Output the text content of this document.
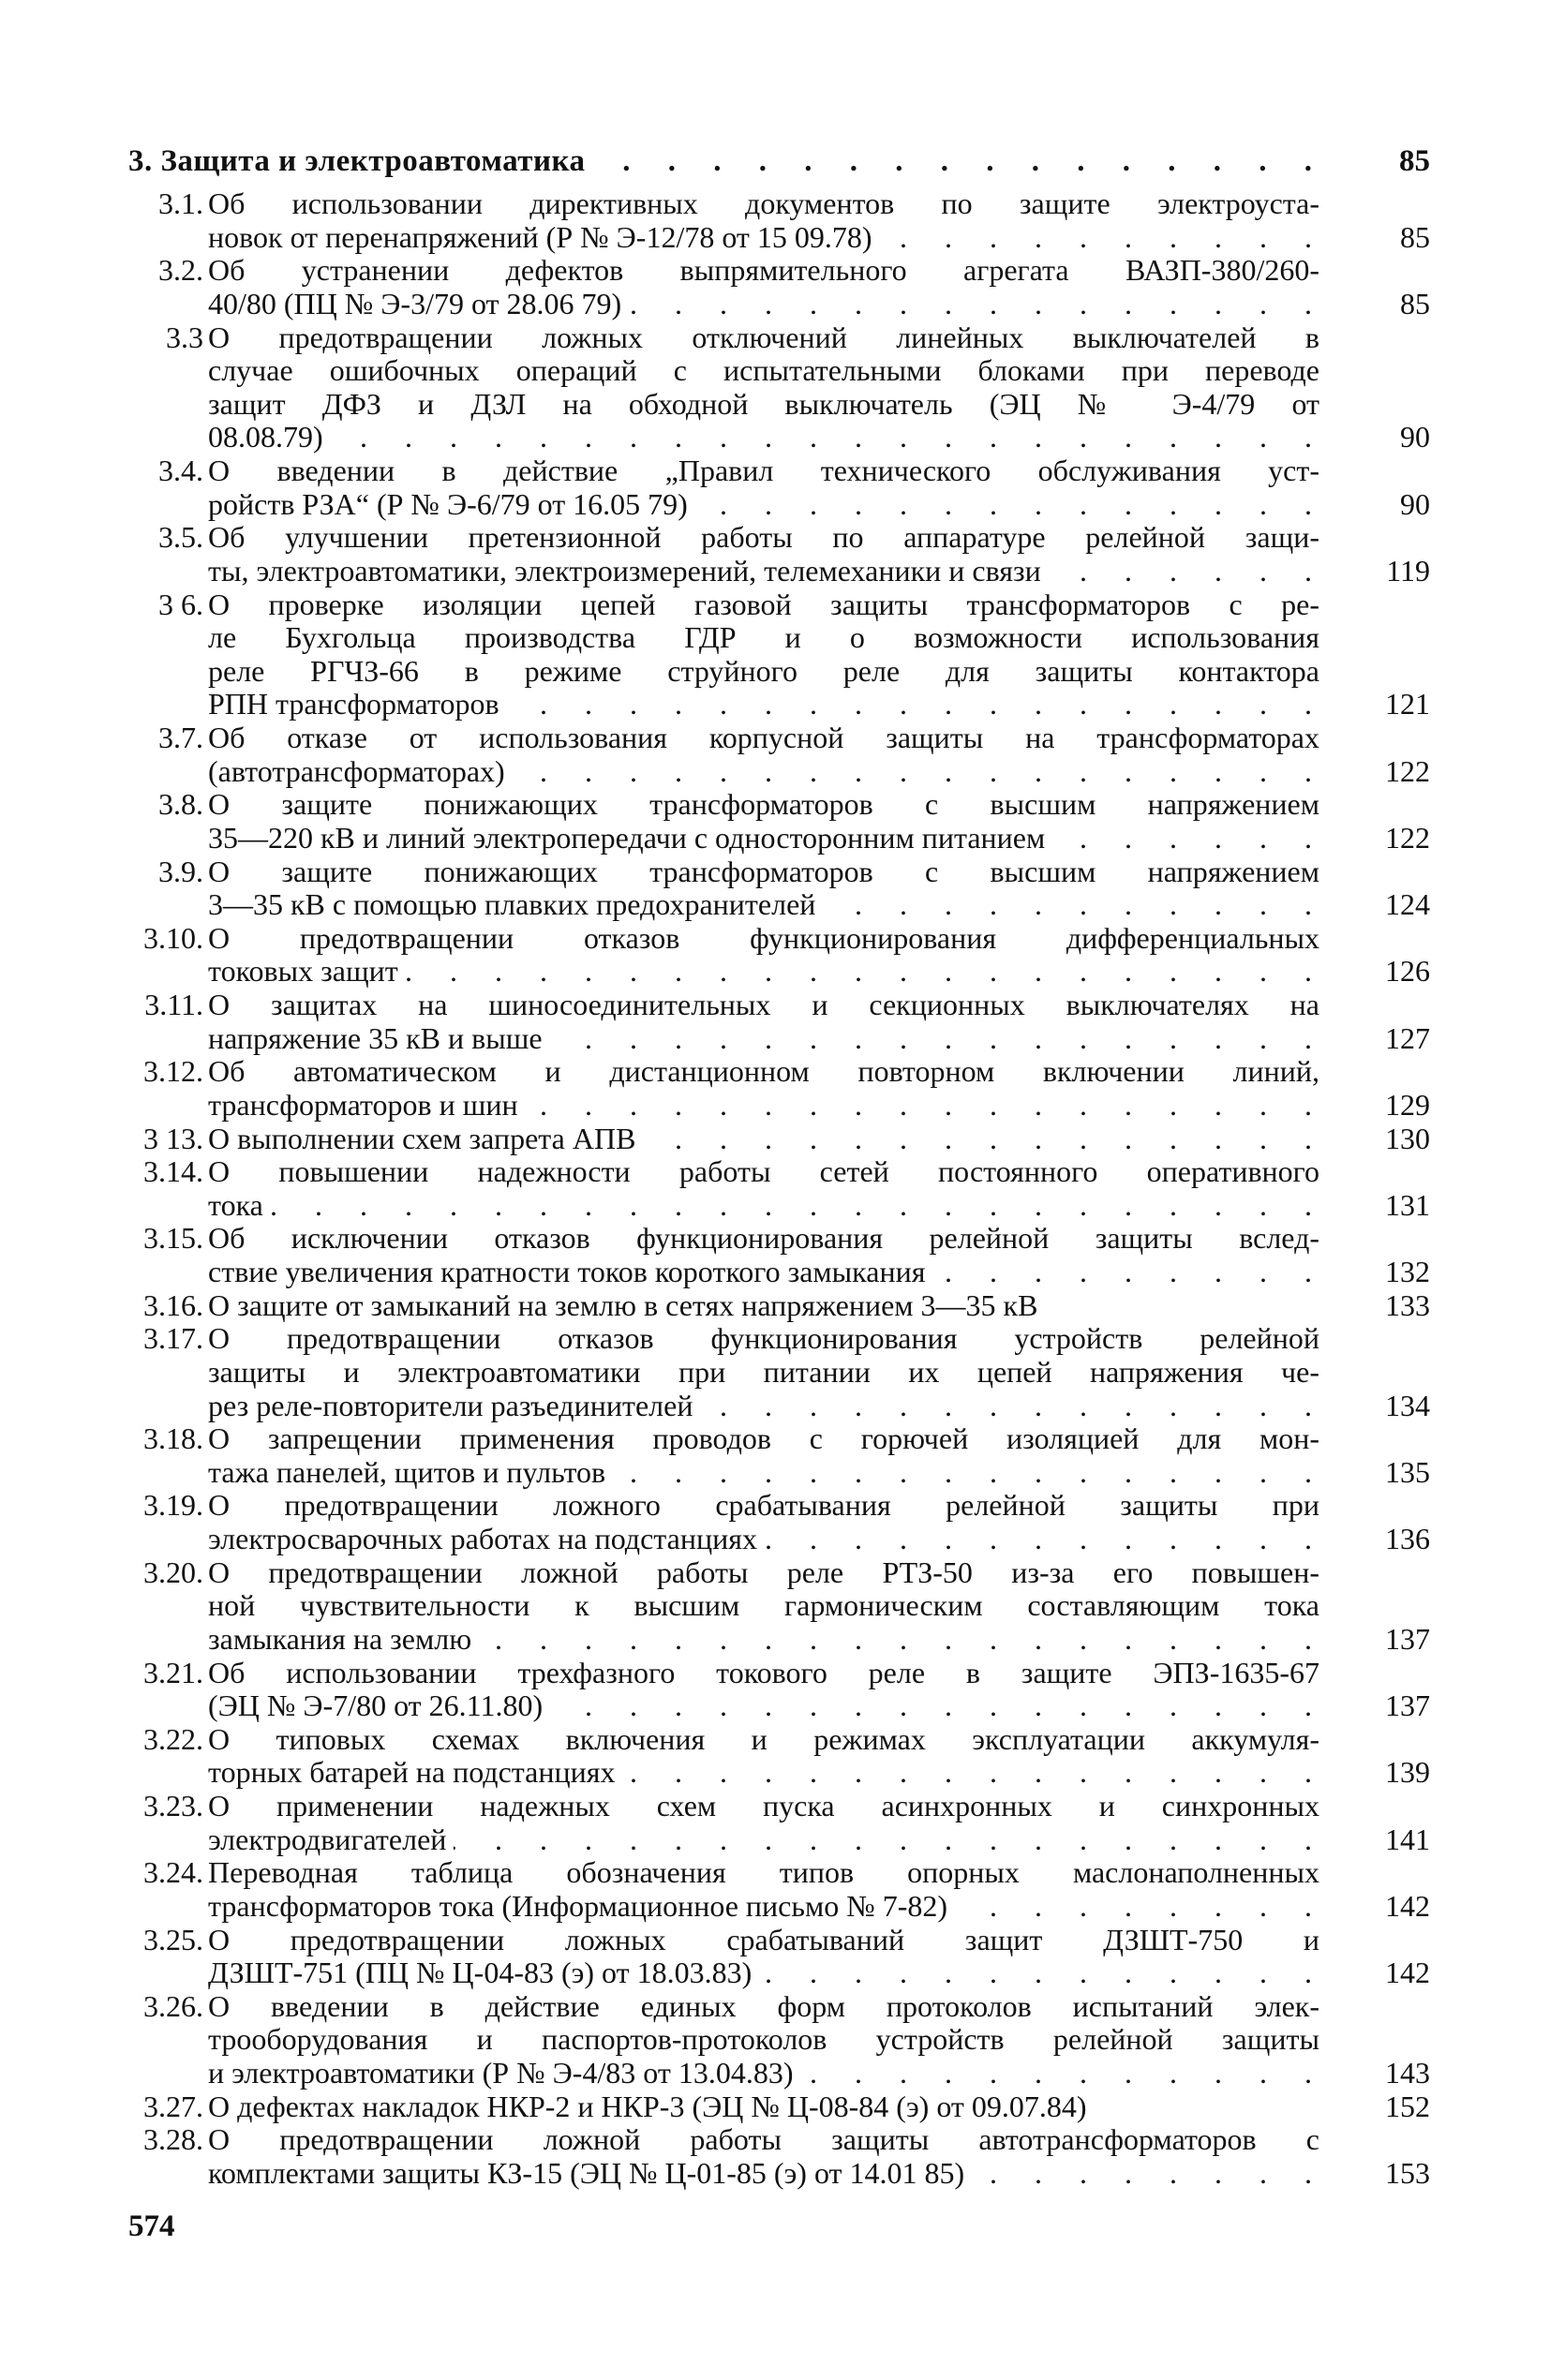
3. Защита и электроавтоматика . . .	85
3.1. Об использовании директивных документов по защите электроуста-
новок от перенапряжений (Р № Э-12/78 от 15 09.78) . . .	85
3.2. Об устранении дефектов выпрямительного агрегата ВАЗП-380/260-
40/80 (ПЦ № Э-3/79 от 28.06 79) . . .	85
3.3 О предотвращении ложных отключений линейных выключателей в
случае ошибочных операций с испытательными блоками при переводе
защит ДФЗ и ДЗЛ на обходной выключатель (ЭЦ № Э-4/79 от
08.08.79) . . .	90
3.4. О введении в действие „Правил технического обслуживания уст-
ройств РЗА“ (Р № Э-6/79 от 16.05 79) . . .	90
3.5. Об улучшении претензионной работы по аппаратуре релейной защи-
ты, электроавтоматики, электроизмерений, телемеханики и связи . . .	119
3 6. О проверке изоляции цепей газовой защиты трансформаторов с ре-
ле Бухгольца производства ГДР и о возможности использования
реле РГЧЗ-66 в режиме струйного реле для защиты контактора
РПН трансформаторов . . .	121
3.7. Об отказе от использования корпусной защиты на трансформаторах
(автотрансформаторах) . . .	122
3.8. О защите понижающих трансформаторов с высшим напряжением
35—220 кВ и линий электропередачи с односторонним питанием . . .	122
3.9. О защите понижающих трансформаторов с высшим напряжением
3—35 кВ с помощью плавких предохранителей . . .	124
3.10. О предотвращении отказов функционирования дифференциальных
токовых защит . . .	126
3.11. О защитах на шиносоединительных и секционных выключателях на
напряжение 35 кВ и выше . . .	127
3.12. Об автоматическом и дистанционном повторном включении линий,
трансформаторов и шин . . .	129
3 13. О выполнении схем запрета АПВ . . .	130
3.14. О повышении надежности работы сетей постоянного оперативного
тока . . .	131
3.15. Об исключении отказов функционирования релейной защиты вслед-
ствие увеличения кратности токов короткого замыкания . . .	132
3.16. О защите от замыканий на землю в сетях напряжением 3—35 кВ	133
3.17. О предотвращении отказов функционирования устройств релейной
защиты и электроавтоматики при питании их цепей напряжения че-
рез реле-повторители разъединителей . . .	134
3.18. О запрещении применения проводов с горючей изоляцией для мон-
тажа панелей, щитов и пультов . . .	135
3.19. О предотвращении ложного срабатывания релейной защиты при
электросварочных работах на подстанциях . . .	136
3.20. О предотвращении ложной работы реле РТЗ-50 из-за его повышен-
ной чувствительности к высшим гармоническим составляющим тока
замыкания на землю . . .	137
3.21. Об использовании трехфазного токового реле в защите ЭПЗ-1635-67
(ЭЦ № Э-7/80 от 26.11.80) . . .	137
3.22. О типовых схемах включения и режимах эксплуатации аккумуля-
торных батарей на подстанциях . . .	139
3.23. О применении надежных схем пуска асинхронных и синхронных
электродвигателей . . .	141
3.24. Переводная таблица обозначения типов опорных маслонаполненных
трансформаторов тока (Информационное письмо № 7-82) . . .	142
3.25. О предотвращении ложных срабатываний защит ДЗШТ-750 и
ДЗШТ-751 (ПЦ № Ц-04-83 (э) от 18.03.83) . . .	142
3.26. О введении в действие единых форм протоколов испытаний элек-
трооборудования и паспортов-протоколов устройств релейной защиты
и электроавтоматики (Р № Э-4/83 от 13.04.83) . . .	143
3.27. О дефектах накладок НКР-2 и НКР-3 (ЭЦ № Ц-08-84 (э) от 09.07.84)	152
3.28. О предотвращении ложной работы защиты автотрансформаторов с
комплектами защиты КЗ-15 (ЭЦ № Ц-01-85 (э) от 14.01 85) . . .	153
574
